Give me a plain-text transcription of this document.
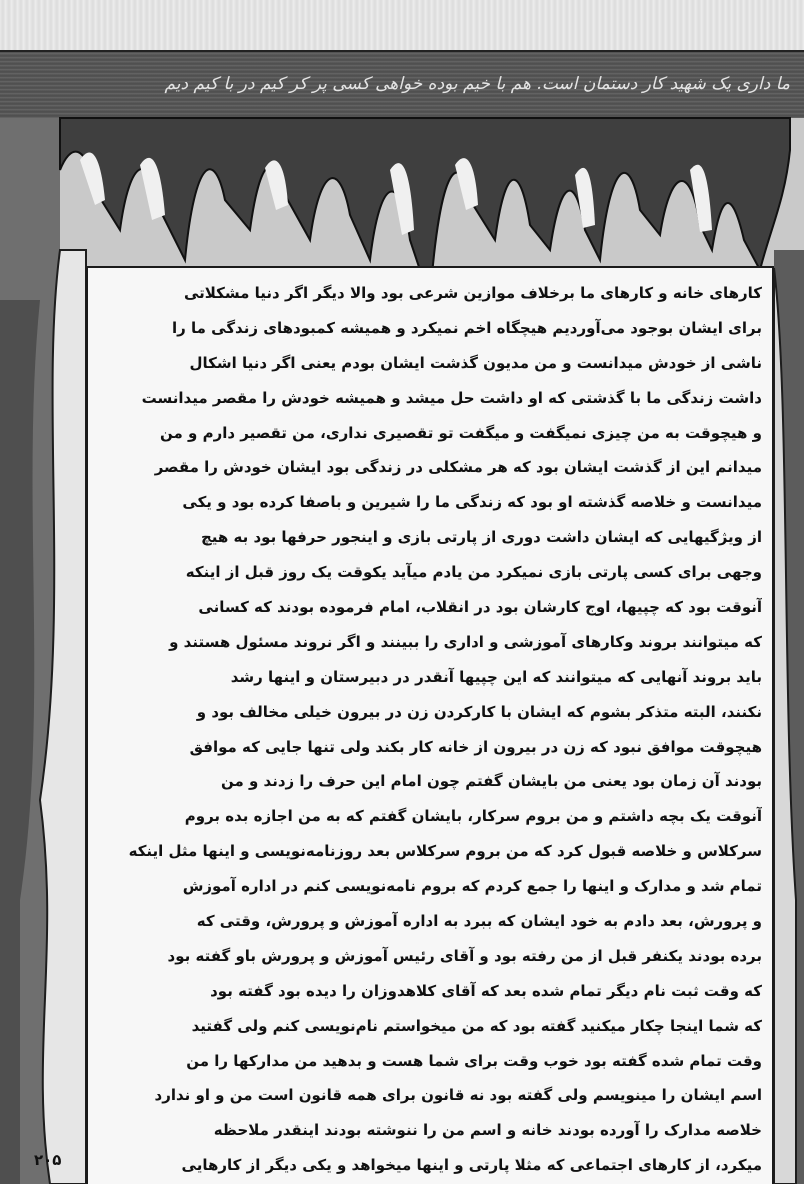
ما داری یک شهید کار دستمان است. هم با خیم بوده خواهی کسی پر کر کیم در با کیم دیم
کارهای خانه و کارهای ما برخلاف موازین شرعی بود والا دیگر اگر دنیا مشکلاتی
برای ایشان بوجود می‌آوردیم هیچگاه اخم نمیکرد و همیشه کمبودهای زندگی ما را
ناشی از خودش میدانست و من مدیون گذشت ایشان بودم یعنی اگر دنیا اشکال
داشت زندگی ما با گذشتی که او داشت حل میشد و همیشه خودش را مقصر میدانست
و هیچوقت به من چیزی نمیگفت و میگفت تو تقصیری نداری، من تقصیر دارم و من
میدانم این از گذشت ایشان بود که هر مشکلی در زندگی بود ایشان خودش را مقصر
میدانست و خلاصه گذشته او بود که زندگی ما را شیرین و باصفا کرده بود و یکی
از ویژگیهایی که ایشان داشت دوری از پارتی بازی و اینجور حرفها بود به هیچ
وجهی برای کسی پارتی بازی نمیکرد من یادم میآید یکوقت یک روز قبل از اینکه
آنوقت بود که چپیها، اوج کارشان بود در انقلاب، امام فرموده بودند که کسانی
که میتوانند بروند وکارهای آموزشی و اداری را ببینند و اگر نروند مسئول هستند و
باید بروند آنهایی که میتوانند که این چپیها آنقدر در دبیرستان و اینها رشد
نکنند، البته متذکر بشوم که ایشان با کارکردن زن در بیرون خیلی مخالف بود و
هیچوقت موافق نبود که زن در بیرون از خانه کار بکند ولی تنها جایی که موافق
بودند آن زمان بود یعنی من بایشان گفتم چون امام این حرف را زدند و من
آنوقت یک بچه داشتم و من بروم سرکار، بایشان گفتم که به من اجازه بده بروم
سرکلاس و خلاصه قبول کرد که من بروم سرکلاس بعد روزنامه‌نویسی و اینها مثل اینکه
تمام شد و مدارک و اینها را جمع کردم که بروم نامه‌نویسی کنم در اداره آموزش
و پرورش، بعد دادم به خود ایشان که ببرد به اداره آموزش و پرورش، وقتی که
برده بودند یکنفر قبل از من رفته بود و آقای رئیس آموزش و پرورش باو گفته بود
که وقت ثبت نام دیگر تمام شده بعد که آقای کلاهدوزان را دیده بود گفته بود
که شما اینجا چکار میکنید گفته بود که من میخواستم نام‌نویسی کنم ولی گفتید
وقت تمام شده گفته بود خوب وقت برای شما هست و بدهید من مدارکها را من
اسم ایشان را مینویسم ولی گفته بود نه قانون برای همه قانون است من و او ندارد
خلاصه مدارک را آورده بودند خانه و اسم من را ننوشته بودند اینقدر ملاحظه
میکرد، از کارهای اجتماعی که مثلا پارتی و اینها میخواهد و یکی دیگر از کارهایی
۲۰۵
